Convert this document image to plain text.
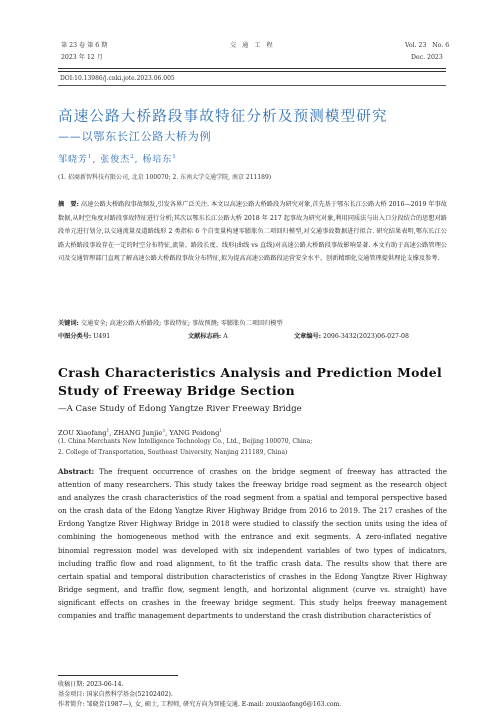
第 23 卷 第 6 期
2023 年 12 月
交 通 工 程	Vol. 23   No. 6
Dec. 2023
DOI:10.13986/j.cnki.jote.2023.06.005
高速公路大桥路段事故特征分析及预测模型研究
——以鄂东长江公路大桥为例
邹晓芳$^1$, 张俊杰$^2$, 杨培东$^1$
(1. 招商新智科技有限公司, 北京 100070; 2. 东南大学交通学院, 南京 211189)
摘　要: 高速公路大桥路段事故频发,引发各界广泛关注. 本文以高速公路大桥路段为研究对象,首先基于鄂东长江公路大桥 2016—2019 年事故数据,从时空角度对路段事故特征进行分析;其次以鄂东长江公路大桥 2018 年 217 起事故为研究对象,利用同质法与出入口分段结合的思想对路段单元进行划分,以交通流量及道路线形 2 类指标 6 个自变量构建零膨胀负二项回归模型,对交通事故数据进行拟合. 研究结果表明,鄂东长江公路大桥路段事故存在一定的时空分布特征,流量、路段长度、线形(曲线 vs 直线)对高速公路大桥路段事故影响显著. 本文有助于高速公路管理公司及交通管理部门直观了解高速公路大桥路段事故分布特征,拟为提高高速公路路段运营安全水平、创新精细化交通管理提供理论支撑及参考.
关键词: 交通安全; 高速公路大桥路段; 事故特征; 事故预测; 零膨胀负二项回归模型
中图分类号: U491	文献标志码: A	文章编号: 2096-3432(2023)06-027-08
Crash Characteristics Analysis and Prediction Model Study of Freeway Bridge Section
—A Case Study of Edong Yangtze River Freeway Bridge
ZOU Xiaofang$^1$, ZHANG Junjie$^2$, YANG Peidong$^1$
(1. China Merchants New Intelligence Technology Co., Ltd., Beijing 100070, China;
2. College of Transportation, Southeast University, Nanjing 211189, China)
Abstract: The frequent occurrence of crashes on the bridge segment of freeway has attracted the attention of many researchers. This study takes the freeway bridge road segment as the research object and analyzes the crash characteristics of the road segment from a spatial and temporal perspective based on the crash data of the Edong Yangtze River Highway Bridge from 2016 to 2019. The 217 crashes of the Erdong Yangtze River Highway Bridge in 2018 were studied to classify the section units using the idea of combining the homogeneous method with the entrance and exit segments. A zero-inflated negative binomial regression model was developed with six independent variables of two types of indicators, including traffic flow and road alignment, to fit the traffic crash data. The results show that there are certain spatial and temporal distribution characteristics of crashes in the Edong Yangtze River Highway Bridge segment, and traffic flow, segment length, and horizontal alignment (curve vs. straight) have significant effects on crashes in the freeway bridge segment. This study helps freeway management companies and traffic management departments to understand the crash distribution characteristics of
收稿日期: 2023-06-14.
基金项目: 国家自然科学基金(52102402).
作者简介: 邹晓芳(1987—), 女, 硕士, 工程师, 研究方向为智能交通. E-mail: zouxiaofang6@163.com.
